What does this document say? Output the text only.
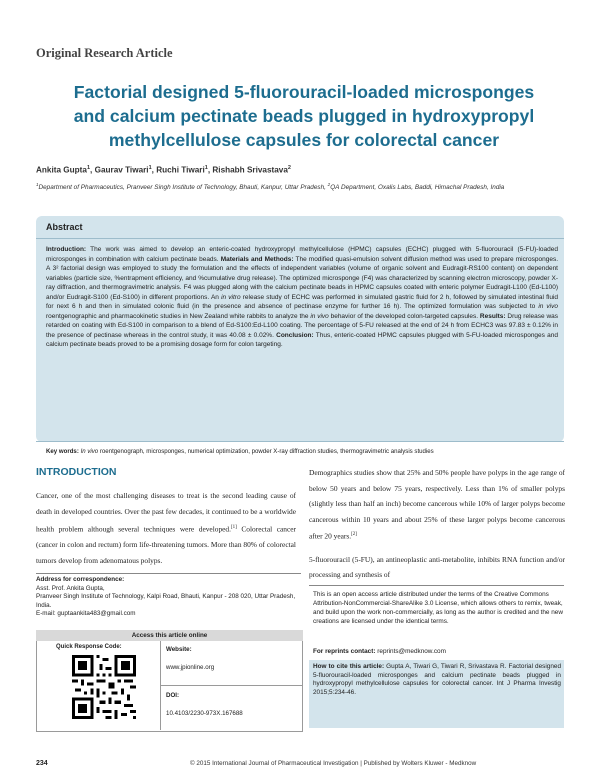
Original Research Article
Factorial designed 5-fluorouracil-loaded microsponges
and calcium pectinate beads plugged in hydroxypropyl
methylcellulose capsules for colorectal cancer
Ankita Gupta$^1$, Gaurav Tiwari$^1$, Ruchi Tiwari$^1$, Rishabh Srivastava$^2$
$^1$Department of Pharmaceutics, Pranveer Singh Institute of Technology, Bhauti, Kanpur, Uttar Pradesh, $^2$QA Department, Oxalis Labs, Baddi, Himachal Pradesh, India
Abstract
Introduction: The work was aimed to develop an enteric-coated hydroxypropyl methylcellulose (HPMC) capsules (ECHC) plugged with 5-fluorouracil (5-FU)-loaded microsponges in combination with calcium pectinate beads. Materials and Methods: The modified quasi-emulsion solvent diffusion method was used to prepare microsponges. A 3² factorial design was employed to study the formulation and the effects of independent variables (volume of organic solvent and Eudragit-RS100 content) on dependent variables (particle size, %entrapment efficiency, and %cumulative drug release). The optimized microsponge (F4) was characterized by scanning electron microscopy, powder X-ray diffraction, and thermogravimetric analysis. F4 was plugged along with the calcium pectinate beads in HPMC capsules coated with enteric polymer Eudragit-L100 (Ed-L100) and/or Eudragit-S100 (Ed-S100) in different proportions. An in vitro release study of ECHC was performed in simulated gastric fluid for 2 h, followed by simulated intestinal fluid for next 6 h and then in simulated colonic fluid (in the presence and absence of pectinase enzyme for further 16 h). The optimized formulation was subjected to in vivo roentgenographic and pharmacokinetic studies in New Zealand white rabbits to analyze the in vivo behavior of the developed colon-targeted capsules. Results: Drug release was retarded on coating with Ed-S100 in comparison to a blend of Ed-S100:Ed-L100 coating. The percentage of 5-FU released at the end of 24 h from ECHC3 was 97.83 ± 0.12% in the presence of pectinase whereas in the control study, it was 40.08 ± 0.02%. Conclusion: Thus, enteric-coated HPMC capsules plugged with 5-FU-loaded microsponges and calcium pectinate beads proved to be a promising dosage form for colon targeting.
Key words: In vivo roentgenograph, microsponges, numerical optimization, powder X-ray diffraction studies, thermogravimetric analysis studies
INTRODUCTION

Cancer, one of the most challenging diseases to treat is the second leading cause of death in developed countries. Over the past few decades, it continued to be a worldwide health problem although several techniques were developed.[1] Colorectal cancer (cancer in colon and rectum) form life-threatening tumors. More than 80% of colorectal tumors develop from adenomatous polyps.

Demographics studies show that 25% and 50% people have polyps in the age range of below 50 years and below 75 years, respectively. Less than 1% of smaller polyps (slightly less than half an inch) become cancerous while 10% of larger polyps become cancerous within 10 years and about 25% of these larger polyps become cancerous after 20 years.[2]

5-fluorouracil (5-FU), an antineoplastic anti-metabolite, inhibits RNA function and/or processing and synthesis of

Address for correspondence:
Asst. Prof. Ankita Gupta,
Pranveer Singh Institute of Technology, Kalpi Road, Bhauti, Kanpur - 208 020, Uttar Pradesh, India.
E-mail: guptaankita483@gmail.com
Access this article online
Quick Response Code:	Website:
www.jpionline.org
DOI:
10.4103/2230-973X.167688
This is an open access article distributed under the terms of the Creative Commons Attribution-NonCommercial-ShareAlike 3.0 License, which allows others to remix, tweak, and build upon the work non-commercially, as long as the author is credited and the new creations are licensed under the identical terms.
For reprints contact: reprints@medknow.com
How to cite this article: Gupta A, Tiwari G, Tiwari R, Srivastava R. Factorial designed 5-fluorouracil-loaded microsponges and calcium pectinate beads plugged in hydroxypropyl methylcellulose capsules for colorectal cancer. Int J Pharma Investig 2015;5:234-46.
234	© 2015 International Journal of Pharmaceutical Investigation | Published by Wolters Kluwer - Medknow
